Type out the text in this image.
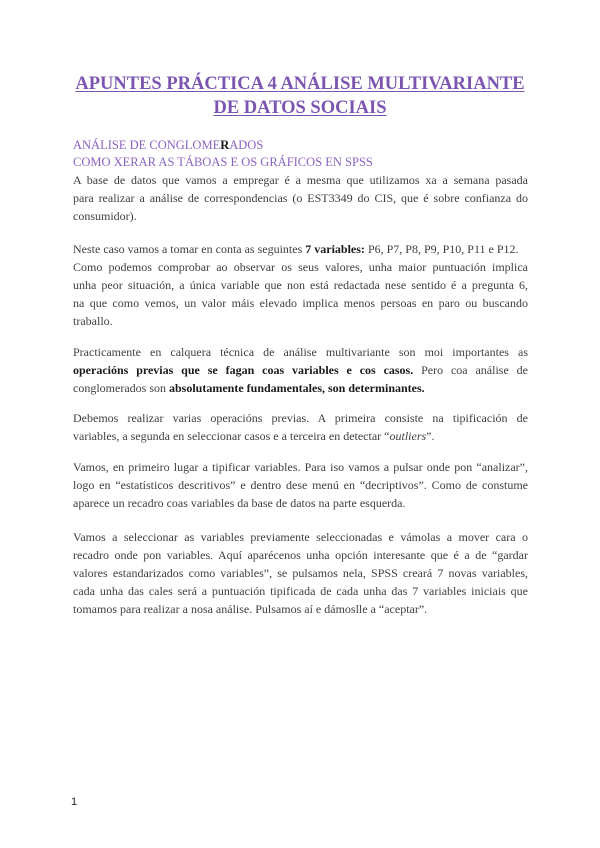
APUNTES PRÁCTICA 4 ANÁLISE MULTIVARIANTE
DE DATOS SOCIAIS
ANÁLISE DE CONGLOMERADOS
COMO XERAR AS TÁBOAS E OS GRÁFICOS EN SPSS
A base de datos que vamos a empregar é a mesma que utilizamos xa a semana pasada
para realizar a análise de correspondencias (o EST3349 do CIS, que é sobre confianza do
consumidor).
Neste caso vamos a tomar en conta as seguintes 7 variables: P6, P7, P8, P9, P10, P11 e P12.
Como podemos comprobar ao observar os seus valores, unha maior puntuación implica
unha peor situación, a única variable que non está redactada nese sentido é a pregunta 6,
na que como vemos, un valor máis elevado implica menos persoas en paro ou buscando
traballo.
Practicamente en calquera técnica de análise multivariante son moi importantes as
operacións previas que se fagan coas variables e cos casos. Pero coa análise de
conglomerados son absolutamente fundamentales, son determinantes.
Debemos realizar varias operacións previas. A primeira consiste na tipificación de
variables, a segunda en seleccionar casos e a terceira en detectar “outliers”.
Vamos, en primeiro lugar a tipificar variables. Para iso vamos a pulsar onde pon “analizar”,
logo en “estatísticos descritivos” e dentro dese menú en “decriptivos”. Como de constume
aparece un recadro coas variables da base de datos na parte esquerda.
Vamos a seleccionar as variables previamente seleccionadas e vámolas a mover cara o
recadro onde pon variables. Aquí aparécenos unha opción interesante que é a de “gardar
valores estandarizados como variables”, se pulsamos nela, SPSS creará 7 novas variables,
cada unha das cales será a puntuación tipificada de cada unha das 7 variables iniciais que
tomamos para realizar a nosa análise. Pulsamos aí e dámoslle a “aceptar”.
1
